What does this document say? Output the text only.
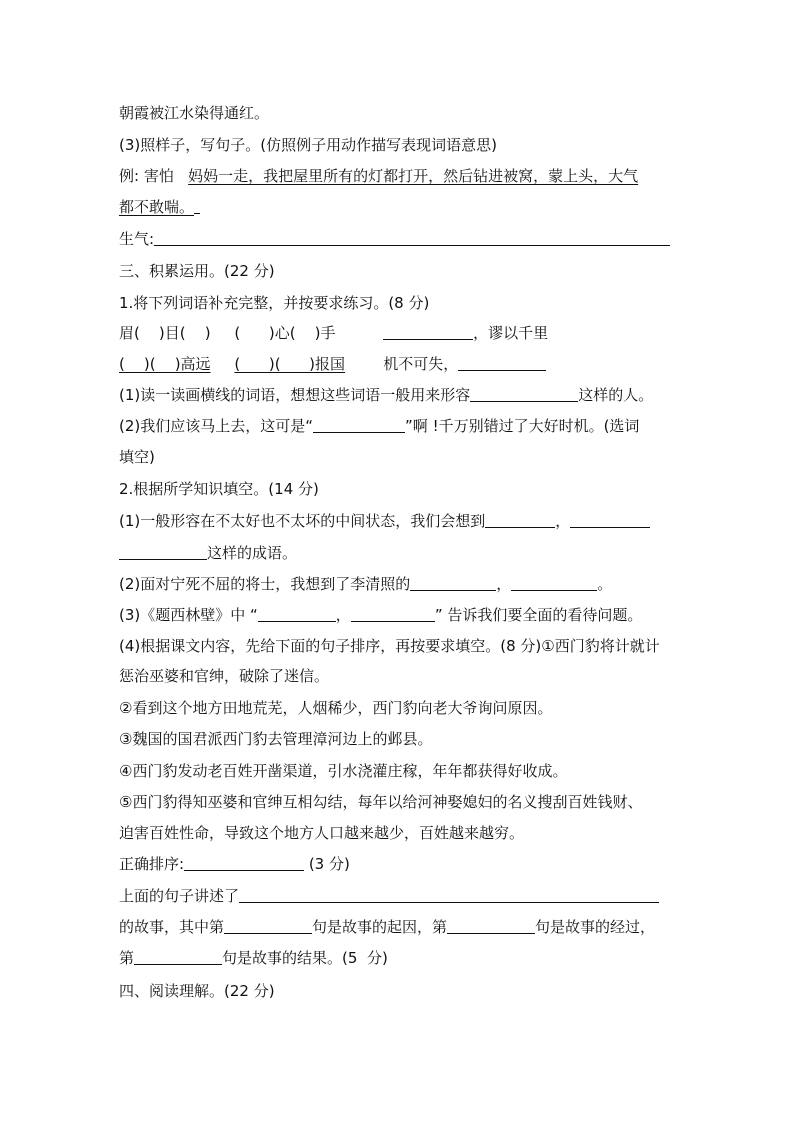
朝霞被江水染得通红。
(3)照样子，写句子。(仿照例子用动作描写表现词语意思)
例: 害怕   妈妈一走，我把屋里所有的灯都打开，然后钻进被窝，蒙上头，大气
都不敢喘。
生气:
三、积累运用。(22 分)
1.将下列词语补充完整，并按要求练习。(8 分)
眉(    )目(    )     (      )心(    )手	，谬以千里
(    )(    )高远 (      )(      )报国	机不可失，
(1)读一读画横线的词语，想想这些词语一般用来形容	这样的人。
(2)我们应该马上去，这可是“	”啊 !千万别错过了大好时机。(选词
填空)
2.根据所学知识填空。(14 分)
(1)一般形容在不太好也不太坏的中间状态，我们会想到	，
这样的成语。
(2)面对宁死不屈的将士，我想到了李清照的	，	。
(3)《题西林壁》中 “	，	” 告诉我们要全面的看待问题。
(4)根据课文内容，先给下面的句子排序，再按要求填空。(8 分)①西门豹将计就计
惩治巫婆和官绅，破除了迷信。
②看到这个地方田地荒芜，人烟稀少，西门豹向老大爷询问原因。
③魏国的国君派西门豹去管理漳河边上的邺县。
④西门豹发动老百姓开凿渠道，引水浇灌庄稼，年年都获得好收成。
⑤西门豹得知巫婆和官绅互相勾结，每年以给河神娶媳妇的名义搜刮百姓钱财、
迫害百姓性命，导致这个地方人口越来越少，百姓越来越穷。
正确排序:	(3 分)
上面的句子讲述了
的故事，其中第	句是故事的起因，第	句是故事的经过，
第	句是故事的结果。(5  分)
四、阅读理解。(22 分)
